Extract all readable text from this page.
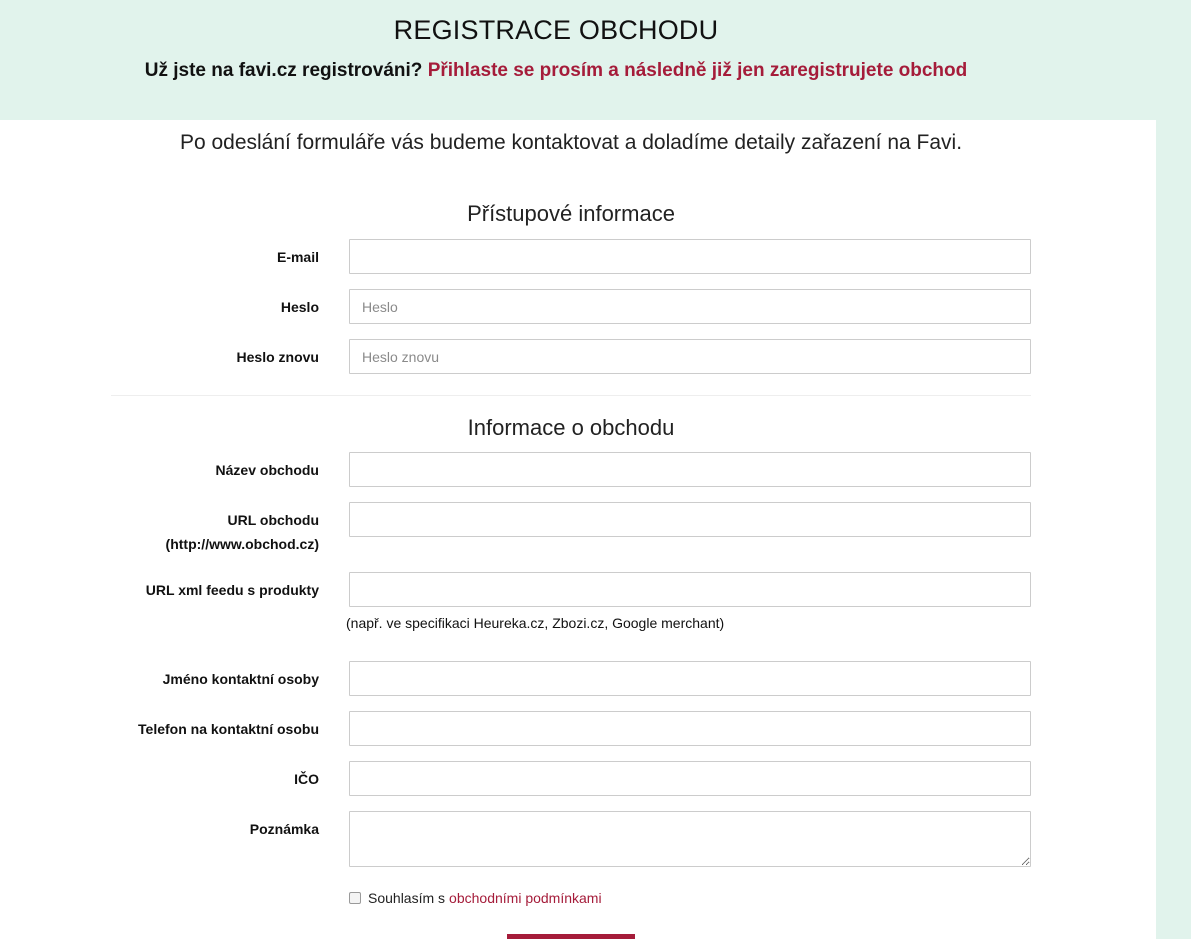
REGISTRACE OBCHODU
Už jste na favi.cz registrováni? Přihlaste se prosím a následně již jen zaregistrujete obchod

Po odeslání formuláře vás budeme kontaktovat a doladíme detaily zařazení na Favi.

Přístupové informace
E-mail
Heslo
Heslo znovu
Informace o obchodu
Název obchodu
URL obchodu
(http://www.obchod.cz)
URL xml feedu s produkty
(např. ve specifikaci Heureka.cz, Zbozi.cz, Google merchant)
Jméno kontaktní osoby
Telefon na kontaktní osobu
IČO
Poznámka
Souhlasím s obchodními podmínkami
